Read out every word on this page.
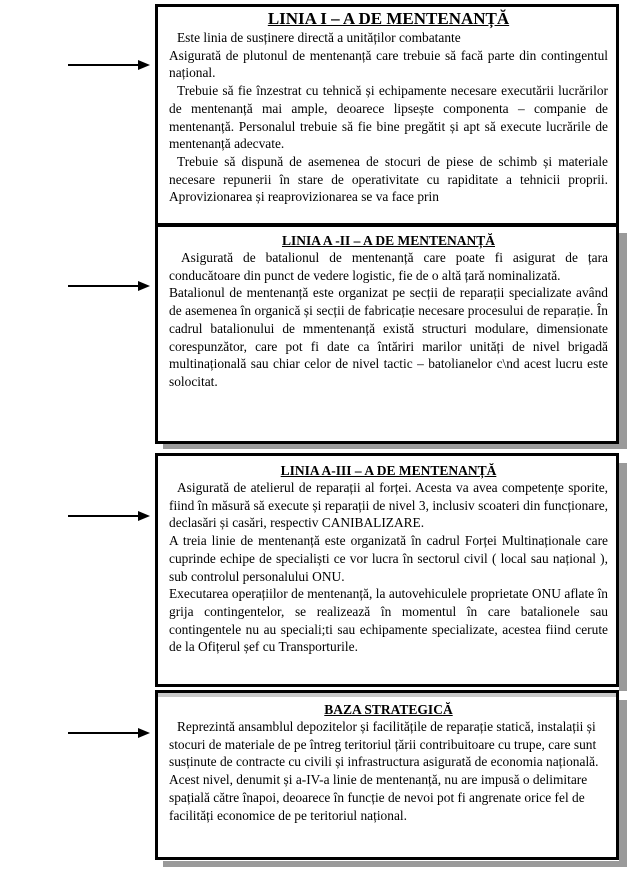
LINIA I – A DE MENTENANȚĂ

Este linia de susținere directă a unităților combatante

Asigurată de plutonul de mentenanță care trebuie să facă parte din contingentul național.

Trebuie să fie înzestrat cu tehnică și echipamente necesare executării lucrărilor de mentenanță mai ample, deoarece lipsește componenta – companie de mentenanță. Personalul trebuie să fie bine pregătit și apt să execute lucrările de mentenanță adecvate.

Trebuie să dispună de asemenea de stocuri de piese de schimb și materiale necesare repunerii în stare de operativitate cu rapiditate a tehnicii proprii. Aprovizionarea și reaprovizionarea se va face prin

LINIA A -II – A DE MENTENANȚĂ

Asigurată de batalionul de mentenanță care poate fi asigurat de țara conducătoare din punct de vedere logistic, fie de o altă țară nominalizată.

Batalionul de mentenanță este organizat pe secții de reparații specializate având de asemenea în organică și secții de fabricație necesare procesului de reparație. În cadrul batalionului de mmentenanță există structuri modulare, dimensionate corespunzător, care pot fi date ca întăriri marilor unități de nivel brigadă multinațională sau chiar celor de nivel tactic – batolianelor c\nd acest lucru este solocitat.

LINIA A-III – A DE MENTENANȚĂ

Asigurată de atelierul de reparații al forței. Acesta va avea competențe sporite, fiind în măsură să execute și reparații de nivel 3, inclusiv scoateri din funcționare, declasări și casări, respectiv CANIBALIZARE.

A treia linie de mentenanță este organizată în cadrul Forței Multinaționale care cuprinde echipe de specialiști ce vor lucra în sectorul civil ( local sau național ), sub controlul personalului ONU.

Executarea operațiilor de mentenanță, la autovehiculele proprietate ONU aflate în grija contingentelor, se realizează în momentul în care batalionele sau contingentele nu au speciali;ti sau echipamente specializate, acestea fiind cerute de la Ofițerul șef cu Transporturile.

BAZA STRATEGICĂ

Reprezintă ansamblul depozitelor și facilitățile de reparație statică, instalații și stocuri de materiale de pe întreg teritoriul țării contribuitoare cu trupe, care sunt susținute de contracte cu civili și infrastructura asigurată de economia națională.

Acest nivel, denumit și a-IV-a linie de mentenanță, nu are impusă o delimitare spațială către înapoi, deoarece în funcție de nevoi pot fi angrenate orice fel de facilități economice de pe teritoriul național.
